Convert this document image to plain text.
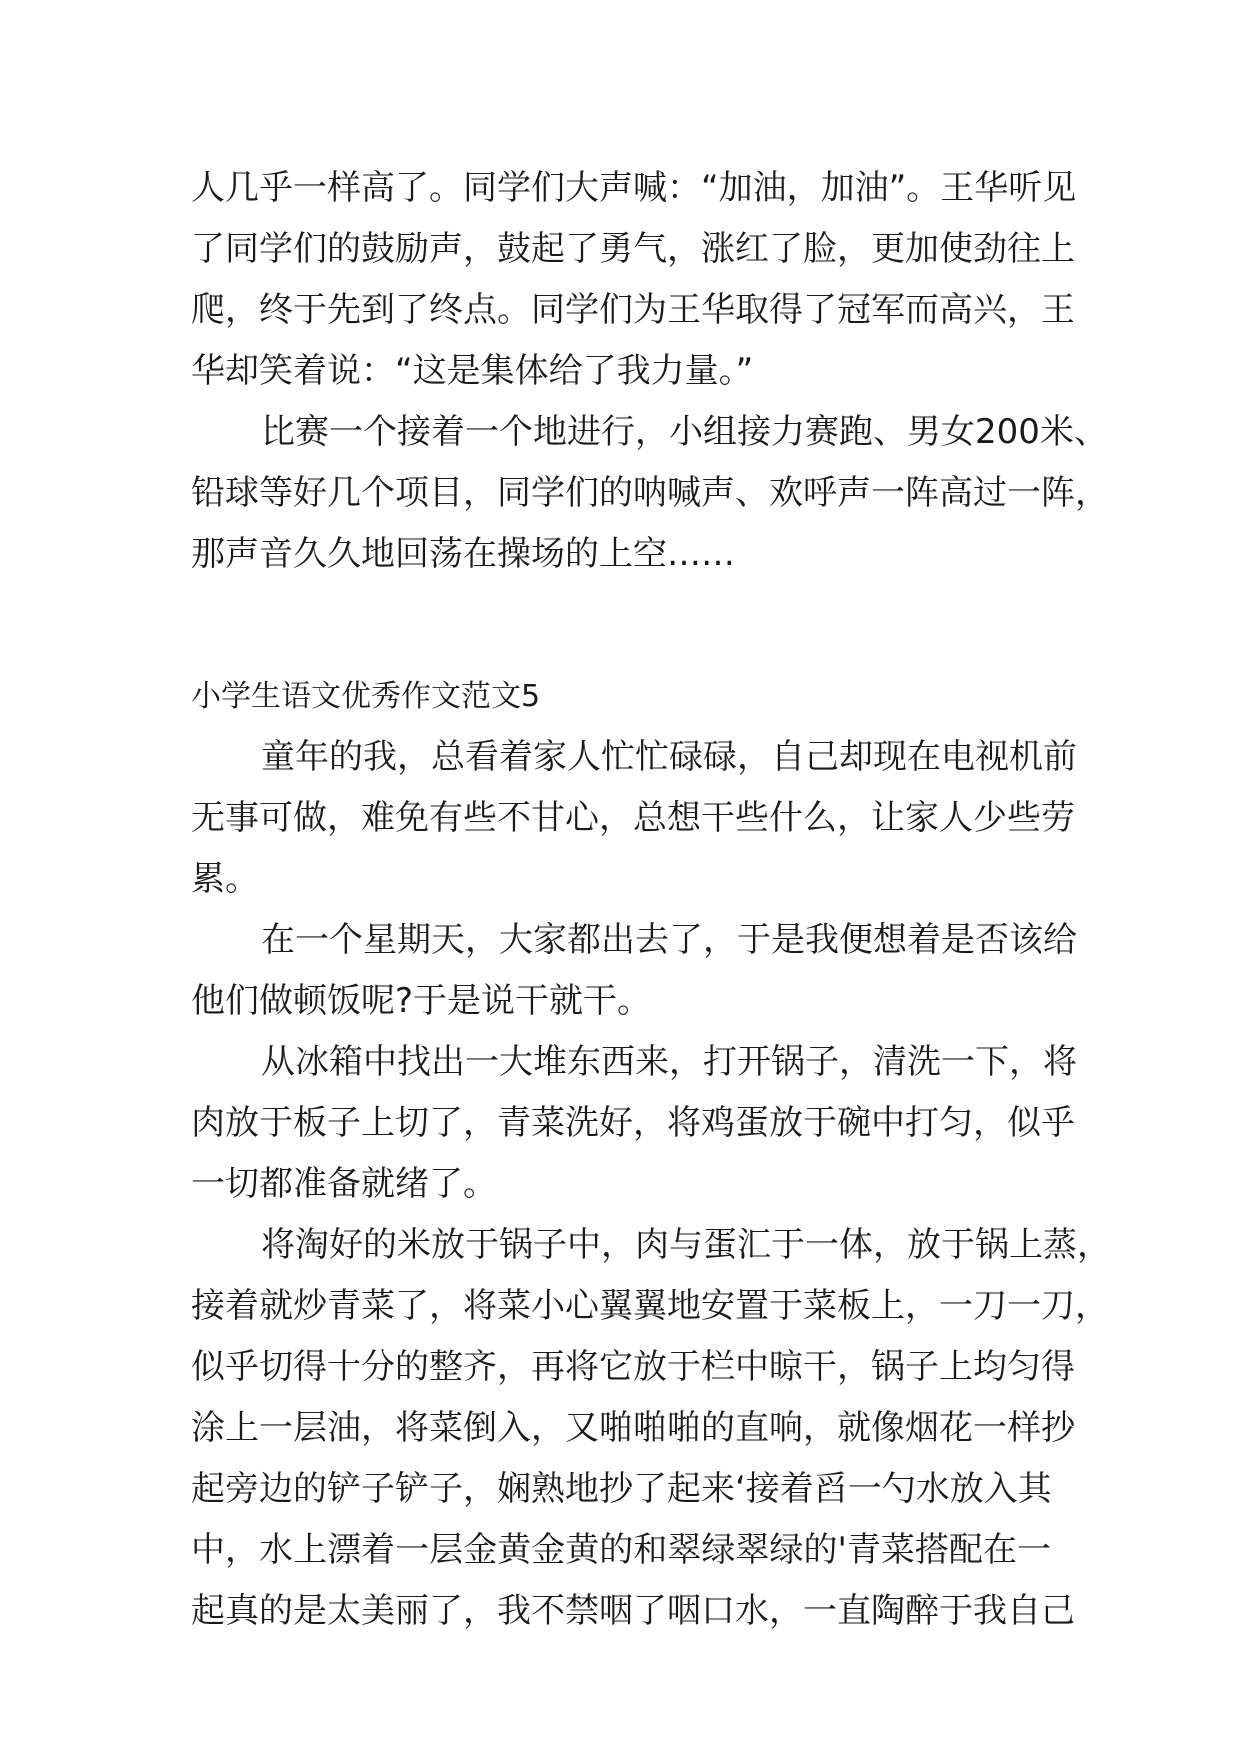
人几乎一样高了。同学们大声喊：“加油，加油”。王华听见
了同学们的鼓励声，鼓起了勇气，涨红了脸，更加使劲往上
爬，终于先到了终点。同学们为王华取得了冠军而高兴，王
华却笑着说：“这是集体给了我力量。”
比赛一个接着一个地进行，小组接力赛跑、男女200米、
铅球等好几个项目，同学们的呐喊声、欢呼声一阵高过一阵，
那声音久久地回荡在操场的上空……
小学生语文优秀作文范文5
童年的我，总看着家人忙忙碌碌，自己却现在电视机前
无事可做，难免有些不甘心，总想干些什么，让家人少些劳
累。
在一个星期天，大家都出去了，于是我便想着是否该给
他们做顿饭呢?于是说干就干。
从冰箱中找出一大堆东西来，打开锅子，清洗一下，将
肉放于板子上切了，青菜洗好，将鸡蛋放于碗中打匀，似乎
一切都准备就绪了。
将淘好的米放于锅子中，肉与蛋汇于一体，放于锅上蒸，
接着就炒青菜了，将菜小心翼翼地安置于菜板上，一刀一刀，
似乎切得十分的整齐，再将它放于栏中晾干，锅子上均匀得
涂上一层油，将菜倒入，又啪啪啪的直响，就像烟花一样抄
起旁边的铲子铲子，娴熟地抄了起来‘接着舀一勺水放入其
中，水上漂着一层金黄金黄的和翠绿翠绿的'青菜搭配在一
起真的是太美丽了，我不禁咽了咽口水，一直陶醉于我自己
